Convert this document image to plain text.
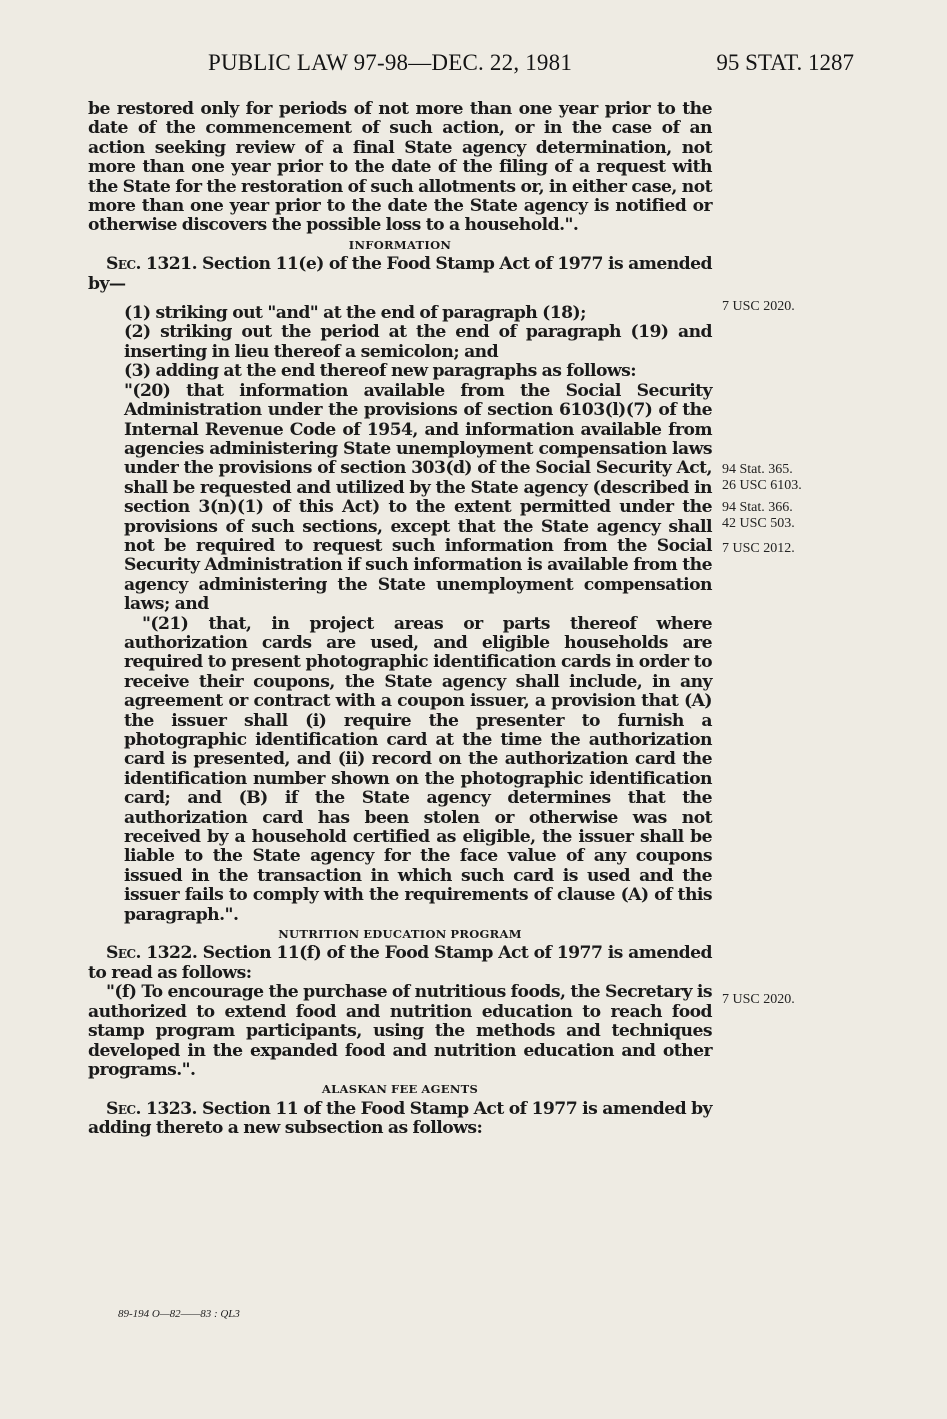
PUBLIC LAW 97-98—DEC. 22, 1981	95 STAT. 1287

be restored only for periods of not more than one year prior to the date of the commencement of such action, or in the case of an action seeking review of a final State agency determination, not more than one year prior to the date of the filing of a request with the State for the restoration of such allotments or, in either case, not more than one year prior to the date the State agency is notified or otherwise discovers the possible loss to a household.".

INFORMATION

Sec. 1321. Section 11(e) of the Food Stamp Act of 1977 is amended by—

(1) striking out "and" at the end of paragraph (18);

(2) striking out the period at the end of paragraph (19) and inserting in lieu thereof a semicolon; and

(3) adding at the end thereof new paragraphs as follows:

"(20) that information available from the Social Security Administration under the provisions of section 6103(l)(7) of the Internal Revenue Code of 1954, and information available from agencies administering State unemployment compensation laws under the provisions of section 303(d) of the Social Security Act, shall be requested and utilized by the State agency (described in section 3(n)(1) of this Act) to the extent permitted under the provisions of such sections, except that the State agency shall not be required to request such information from the Social Security Administration if such information is available from the agency administering the State unemployment compensation laws; and

"(21) that, in project areas or parts thereof where authorization cards are used, and eligible households are required to present photographic identification cards in order to receive their coupons, the State agency shall include, in any agreement or contract with a coupon issuer, a provision that (A) the issuer shall (i) require the presenter to furnish a photographic identification card at the time the authorization card is presented, and (ii) record on the authorization card the identification number shown on the photographic identification card; and (B) if the State agency determines that the authorization card has been stolen or otherwise was not received by a household certified as eligible, the issuer shall be liable to the State agency for the face value of any coupons issued in the transaction in which such card is used and the issuer fails to comply with the requirements of clause (A) of this paragraph.".

NUTRITION EDUCATION PROGRAM

Sec. 1322. Section 11(f) of the Food Stamp Act of 1977 is amended to read as follows:

"(f) To encourage the purchase of nutritious foods, the Secretary is authorized to extend food and nutrition education to reach food stamp program participants, using the methods and techniques developed in the expanded food and nutrition education and other programs.".

ALASKAN FEE AGENTS

Sec. 1323. Section 11 of the Food Stamp Act of 1977 is amended by adding thereto a new subsection as follows:

7 USC 2020.
94 Stat. 365.
26 USC 6103.
94 Stat. 366.
42 USC 503.
7 USC 2012.
7 USC 2020.
89-194 O—82——83 : QL3
